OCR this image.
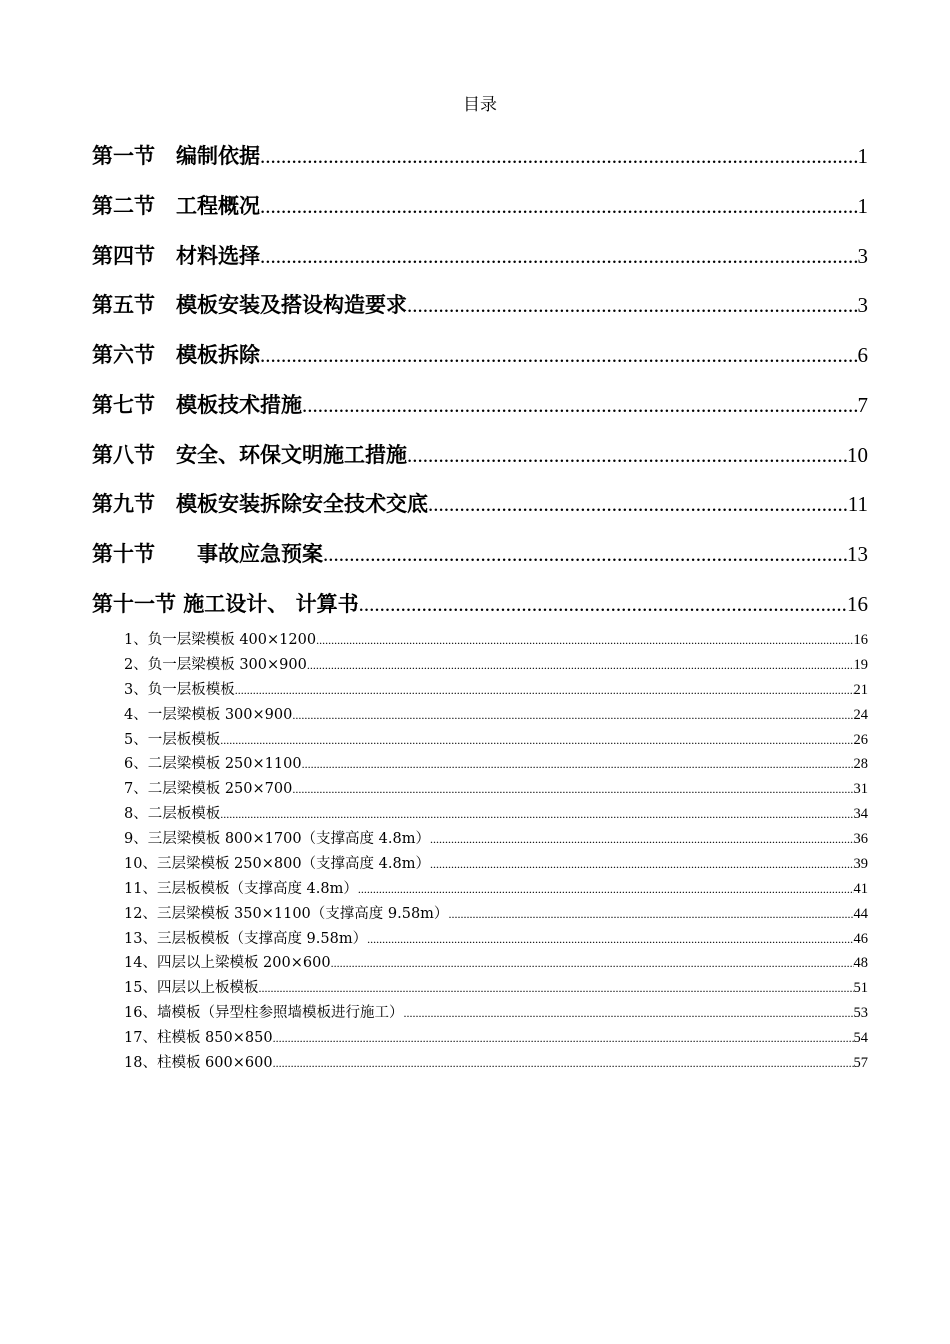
目录
第一节　编制依据 .....	1
第二节　工程概况 .....	1
第四节　材料选择 .....	3
第五节　模板安装及搭设构造要求 .....	3
第六节　模板拆除 .....	6
第七节　模板技术措施 .....	7
第八节　安全、环保文明施工措施 .....	10
第九节　模板安装拆除安全技术交底 .....	11
第十节　　事故应急预案 .....	13
第十一节 施工设计、 计算书 .....	16
1、负一层梁模板 400×1200 .....	16
2、负一层梁模板 300×900 .....	19
3、负一层板模板 .....	21
4、一层梁模板 300×900 .....	24
5、一层板模板 .....	26
6、二层梁模板 250×1100 .....	28
7、二层梁模板 250×700 .....	31
8、二层板模板 .....	34
9、三层梁模板 800×1700（支撑高度 4.8m） .....	36
10、三层梁模板 250×800（支撑高度 4.8m） .....	39
11、三层板模板（支撑高度 4.8m） .....	41
12、三层梁模板 350×1100（支撑高度 9.58m） .....	44
13、三层板模板（支撑高度 9.58m） .....	46
14、四层以上梁模板 200×600 .....	48
15、四层以上板模板 .....	51
16、墙模板（异型柱参照墙模板进行施工） .....	53
17、柱模板 850×850 .....	54
18、柱模板 600×600 .....	57
